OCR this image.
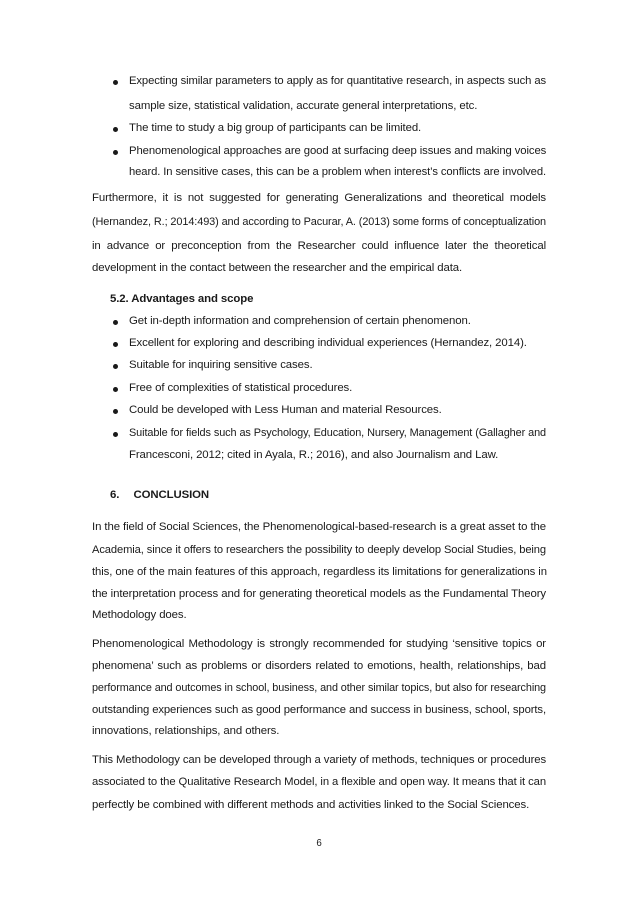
Expecting similar parameters to apply as for quantitative research, in aspects such as

sample size, statistical validation, accurate general interpretations, etc.

The time to study a big group of participants can be limited.

Phenomenological approaches are good at surfacing deep issues and making voices

heard. In sensitive cases, this can be a problem when interest’s conflicts are involved.

Furthermore, it is not suggested for generating Generalizations and theoretical models

(Hernandez, R.; 2014:493) and according to Pacurar, A. (2013) some forms of conceptualization

in advance or preconception from the Researcher could influence later the theoretical

development in the contact between the researcher and the empirical data.

5.2. Advantages and scope

Get in-depth information and comprehension of certain phenomenon.

Excellent for exploring and describing individual experiences (Hernandez, 2014).

Suitable for inquiring sensitive cases.

Free of complexities of statistical procedures.

Could be developed with Less Human and material Resources.

Suitable for fields such as Psychology, Education, Nursery, Management (Gallagher and

Francesconi, 2012; cited in Ayala, R.; 2016), and also Journalism and Law.

6. CONCLUSION

In the field of Social Sciences, the Phenomenological-based-research is a great asset to the

Academia, since it offers to researchers the possibility to deeply develop Social Studies, being

this, one of the main features of this approach, regardless its limitations for generalizations in

the interpretation process and for generating theoretical models as the Fundamental Theory

Methodology does.

Phenomenological Methodology is strongly recommended for studying ‘sensitive topics or

phenomena’ such as problems or disorders related to emotions, health, relationships, bad

performance and outcomes in school, business, and other similar topics, but also for researching

outstanding experiences such as good performance and success in business, school, sports,

innovations, relationships, and others.

This Methodology can be developed through a variety of methods, techniques or procedures

associated to the Qualitative Research Model, in a flexible and open way. It means that it can

perfectly be combined with different methods and activities linked to the Social Sciences.

6
